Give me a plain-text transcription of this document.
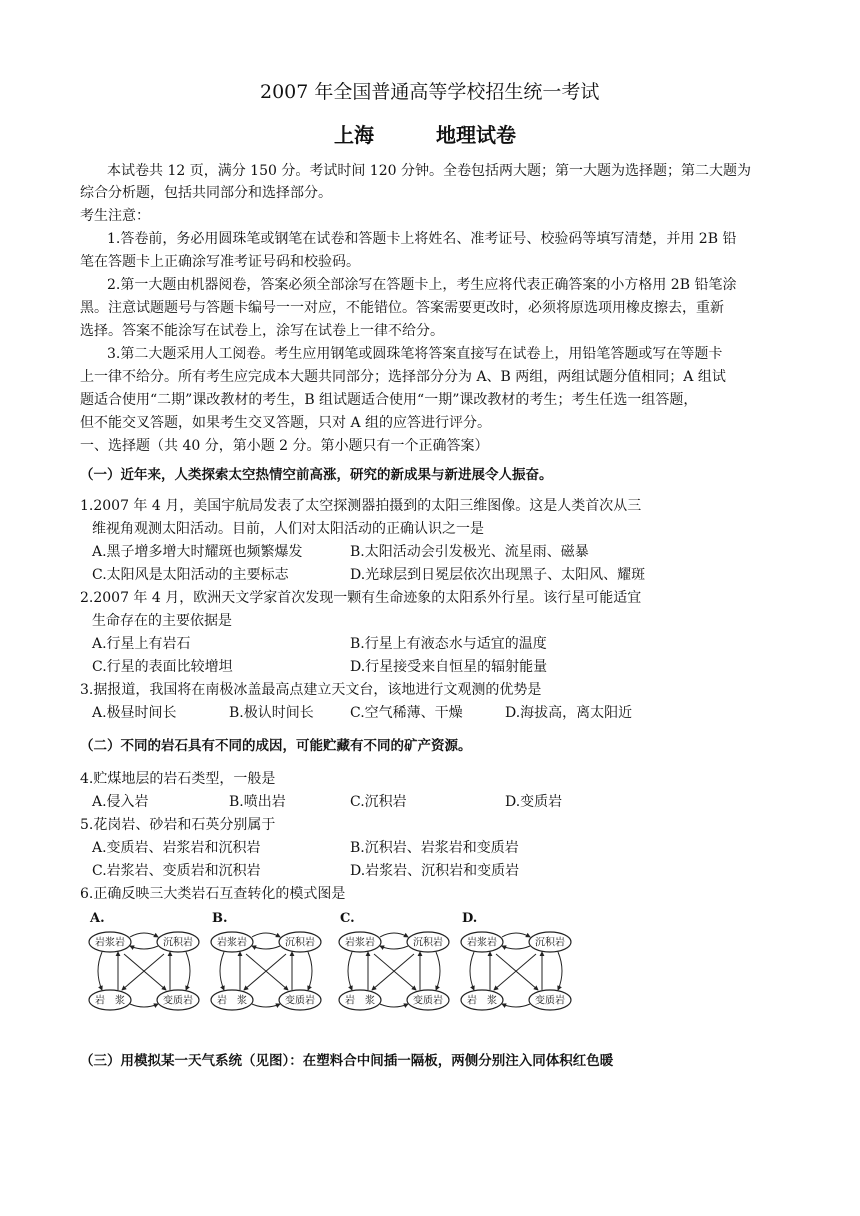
2007 年全国普通高等学校招生统一考试
上海	地理试卷
本试卷共 12 页，满分 150 分。考试时间 120 分钟。全卷包括两大题；第一大题为选择题；第二大题为
综合分析题，包括共同部分和选择部分。
考生注意：
1.答卷前，务必用圆珠笔或钢笔在试卷和答题卡上将姓名、准考证号、校验码等填写清楚，并用 2B 铅
笔在答题卡上正确涂写准考证号码和校验码。
2.第一大题由机器阅卷，答案必须全部涂写在答题卡上，考生应将代表正确答案的小方格用 2B 铅笔涂
黑。注意试题题号与答题卡编号一一对应，不能错位。答案需要更改时，必须将原选项用橡皮擦去，重新
选择。答案不能涂写在试卷上，涂写在试卷上一律不给分。
3.第二大题采用人工阅卷。考生应用钢笔或圆珠笔将答案直接写在试卷上，用铅笔答题或写在等题卡
上一律不给分。所有考生应完成本大题共同部分；选择部分分为 A、B 两组，两组试题分值相同；A 组试
题适合使用“二期”课改教材的考生，B 组试题适合使用“一期”课改教材的考生；考生任选一组答题，
但不能交叉答题，如果考生交叉答题，只对 A 组的应答进行评分。
一、选择题（共 40 分，第小题 2 分。第小题只有一个正确答案）
（一）近年来，人类探索太空热情空前高涨，研究的新成果与新进展令人振奋。
1.2007 年 4 月，美国宇航局发表了太空探测器拍摄到的太阳三维图像。这是人类首次从三
维视角观测太阳活动。目前，人们对太阳活动的正确认识之一是
A.黑子增多增大时耀斑也频繁爆发	B.太阳活动会引发极光、流星雨、磁暴
C.太阳风是太阳活动的主要标志	D.光球层到日冕层依次出现黑子、太阳风、耀斑
2.2007 年 4 月，欧洲天文学家首次发现一颗有生命迹象的太阳系外行星。该行星可能适宜
生命存在的主要依据是
A.行星上有岩石	B.行星上有液态水与适宜的温度
C.行星的表面比较增坦	D.行星接受来自恒星的辐射能量
3.据报道，我国将在南极冰盖最高点建立天文台，该地进行文观测的优势是
A.极昼时间长	B.极认时间长	C.空气稀薄、干燥	D.海拔高，离太阳近
（二）不同的岩石具有不同的成因，可能贮藏有不同的矿产资源。
4.贮煤地层的岩石类型，一般是
A.侵入岩	B.喷出岩	C.沉积岩	D.变质岩
5.花岗岩、砂岩和石英分别属于
A.变质岩、岩浆岩和沉积岩	B.沉积岩、岩浆岩和变质岩
C.岩浆岩、变质岩和沉积岩	D.岩浆岩、沉积岩和变质岩
6.正确反映三大类岩石互查转化的模式图是
A.
岩浆岩	沉积岩
岩　浆	变质岩
B.
岩浆岩	沉积岩
岩　浆	变质岩
C.
岩浆岩	沉积岩
岩　浆	变质岩
D.
岩浆岩	沉积岩
岩　浆	变质岩
（三）用模拟某一天气系统（见图）：在塑料合中间插一隔板，两侧分别注入同体积红色暖
